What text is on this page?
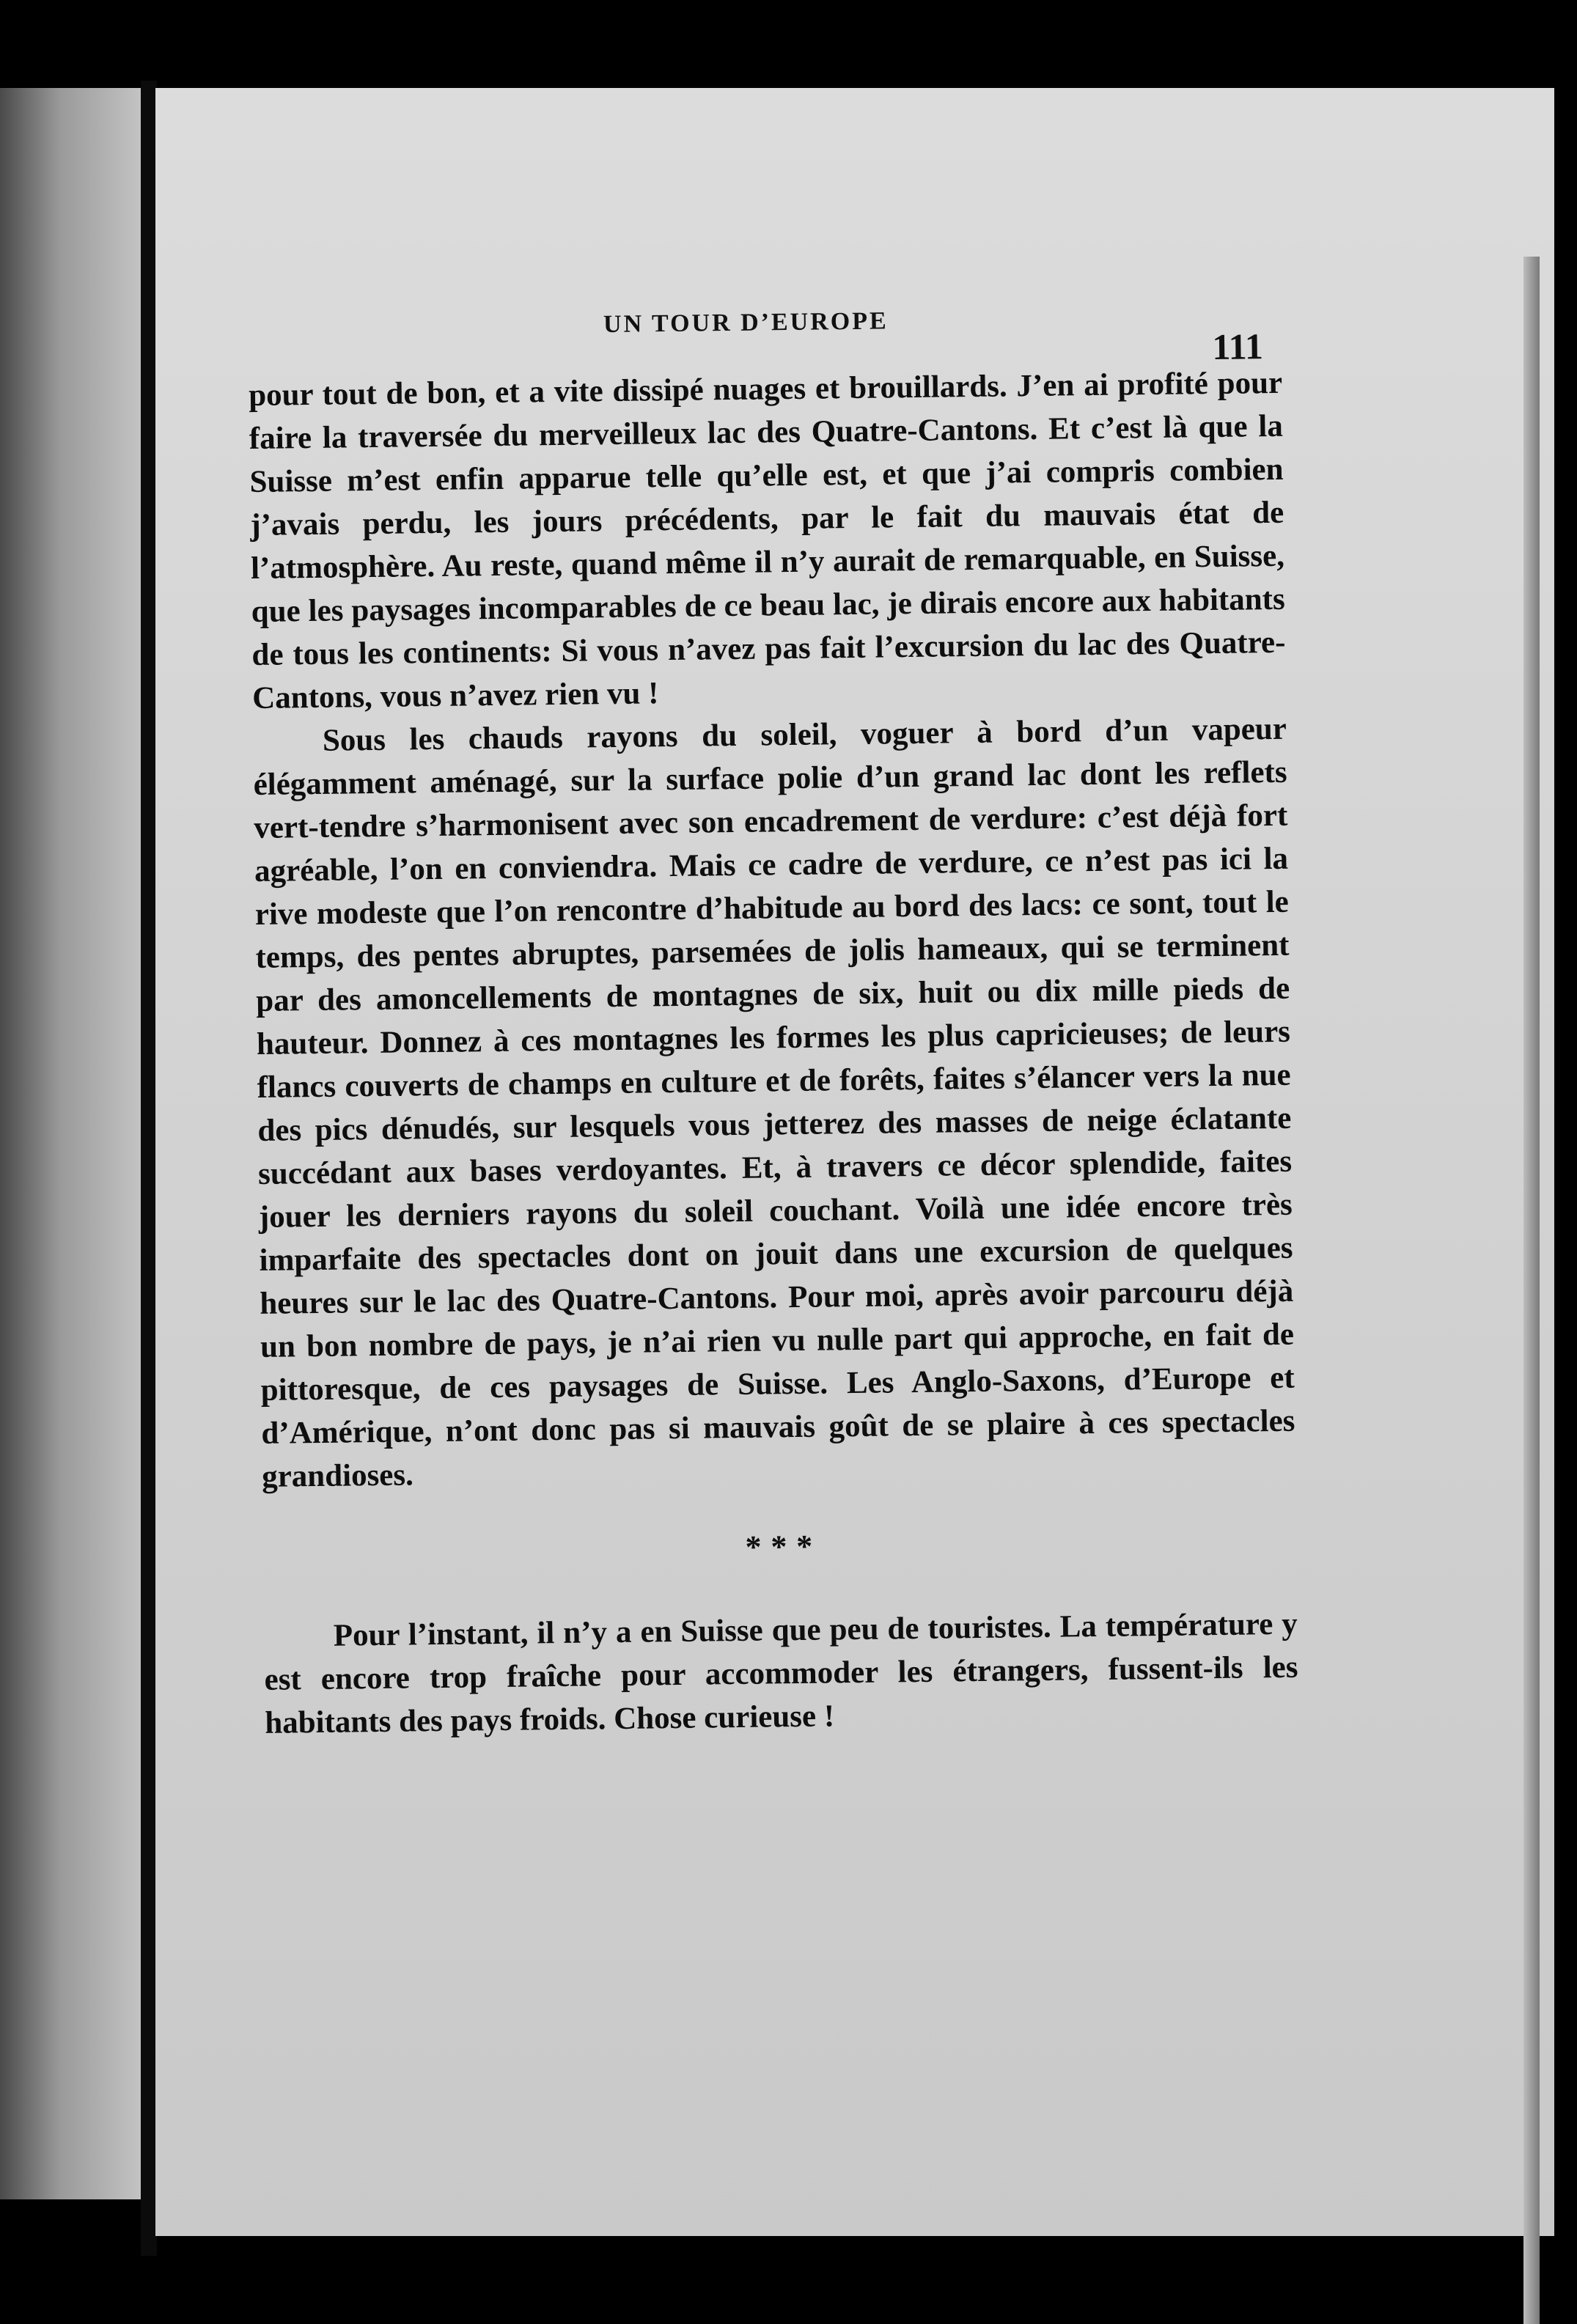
UN TOUR D’EUROPE
111

pour tout de bon, et a vite dissipé nuages et brouillards. J’en ai profité pour faire la traversée du merveilleux lac des Quatre-Cantons. Et c’est là que la Suisse m’est enfin apparue telle qu’elle est, et que j’ai compris combien j’avais perdu, les jours précédents, par le fait du mauvais état de l’atmosphère. Au reste, quand même il n’y aurait de remarquable, en Suisse, que les paysages incomparables de ce beau lac, je dirais encore aux habitants de tous les continents: Si vous n’avez pas fait l’excursion du lac des Quatre-Cantons, vous n’avez rien vu !

Sous les chauds rayons du soleil, voguer à bord d’un vapeur élégamment aménagé, sur la surface polie d’un grand lac dont les reflets vert-tendre s’harmonisent avec son encadrement de verdure: c’est déjà fort agréable, l’on en conviendra. Mais ce cadre de verdure, ce n’est pas ici la rive modeste que l’on rencontre d’habitude au bord des lacs: ce sont, tout le temps, des pentes abruptes, parsemées de jolis hameaux, qui se terminent par des amoncellements de montagnes de six, huit ou dix mille pieds de hauteur. Donnez à ces montagnes les formes les plus capricieuses; de leurs flancs couverts de champs en culture et de forêts, faites s’élancer vers la nue des pics dénudés, sur lesquels vous jetterez des masses de neige éclatante succédant aux bases verdoyantes. Et, à travers ce décor splendide, faites jouer les derniers rayons du soleil couchant. Voilà une idée encore très imparfaite des spectacles dont on jouit dans une excursion de quelques heures sur le lac des Quatre-Cantons. Pour moi, après avoir parcouru déjà un bon nombre de pays, je n’ai rien vu nulle part qui approche, en fait de pittoresque, de ces paysages de Suisse. Les Anglo-Saxons, d’Europe et d’Amérique, n’ont donc pas si mauvais goût de se plaire à ces spectacles grandioses.

* * *

Pour l’instant, il n’y a en Suisse que peu de touristes. La température y est encore trop fraîche pour accommoder les étrangers, fussent-ils les habitants des pays froids. Chose curieuse !
